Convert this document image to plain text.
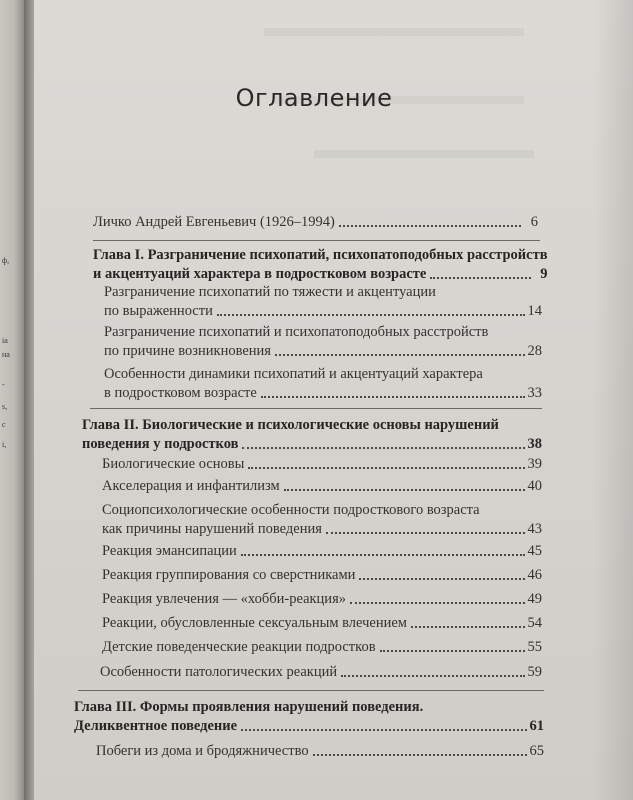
ф,
іа
на
-
s,
с
і,
Оглавление
Личко Андрей Евгеньевич (1926–1994)	6
Глава I. Разграничение психопатий, психопатоподобных расстройств
и акцентуаций характера в подростковом возрасте	9
Разграничение психопатий по тяжести и акцентуации
по выраженности	14
Разграничение психопатий и психопатоподобных расстройств
по причине возникновения	28
Особенности динамики психопатий и акцентуаций характера
в подростковом возрасте	33
Глава II. Биологические и психологические основы нарушений
поведения у подростков	38
Биологические основы	39
Акселерация и инфантилизм	40
Социопсихологические особенности подросткового возраста
как причины нарушений поведения	43
Реакция эмансипации	45
Реакция группирования со сверстниками	46
Реакция увлечения — «хобби-реакция»	49
Реакции, обусловленные сексуальным влечением	54
Детские поведенческие реакции подростков	55
Особенности патологических реакций	59
Глава III. Формы проявления нарушений поведения.
Деликвентное поведение	61
Побеги из дома и бродяжничество	65
